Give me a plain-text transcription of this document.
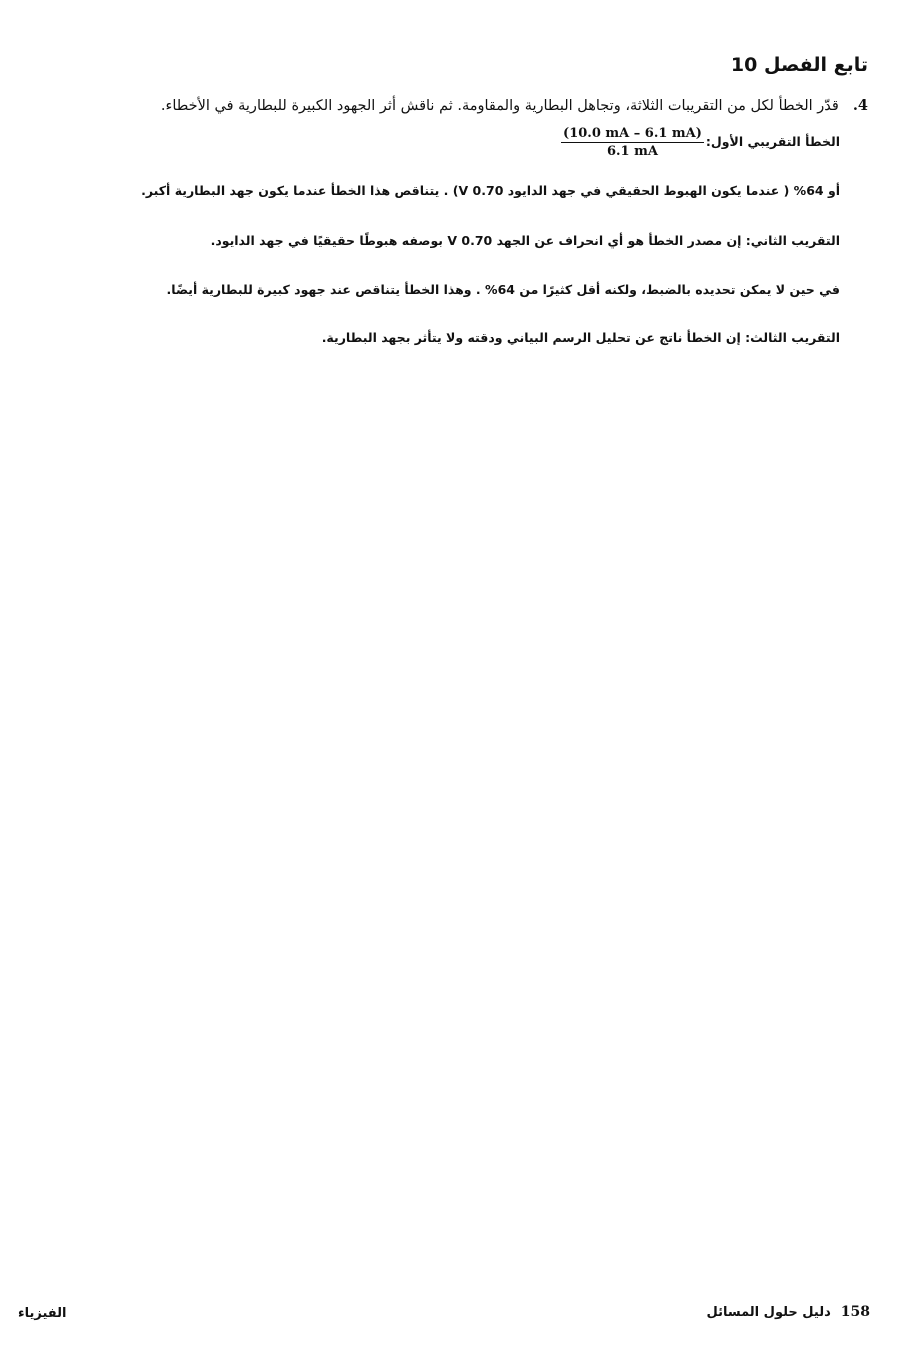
تابع الفصل 10
4.قدّر الخطأ لكل من التقريبات الثلاثة، وتجاهل البطارية والمقاومة. ثم ناقش أثر الجهود الكبيرة للبطارية في الأخطاء.
الخطأ التقريبي الأول:
$\frac{(10.0 mA - 6.1 mA)}{6.1 mA}$
أو 64% ( عندما يكون الهبوط الحقيقي في جهد الدايود 0.70 V) . يتناقص هذا الخطأ عندما يكون جهد البطارية أكبر.
التقريب الثاني: إن مصدر الخطأ هو أي انحراف عن الجهد 0.70 V بوصفه هبوطًا حقيقيًا في جهد الدايود.
في حين لا يمكن تحديده بالضبط، ولكنه أقل كثيرًا من 64% . وهذا الخطأ يتناقص عند جهود كبيرة للبطارية أيضًا.
التقريب الثالث: إن الخطأ ناتج عن تحليل الرسم البياني ودقته ولا يتأثر بجهد البطارية.
158
دليل حلول المسائل
الفيزياء
